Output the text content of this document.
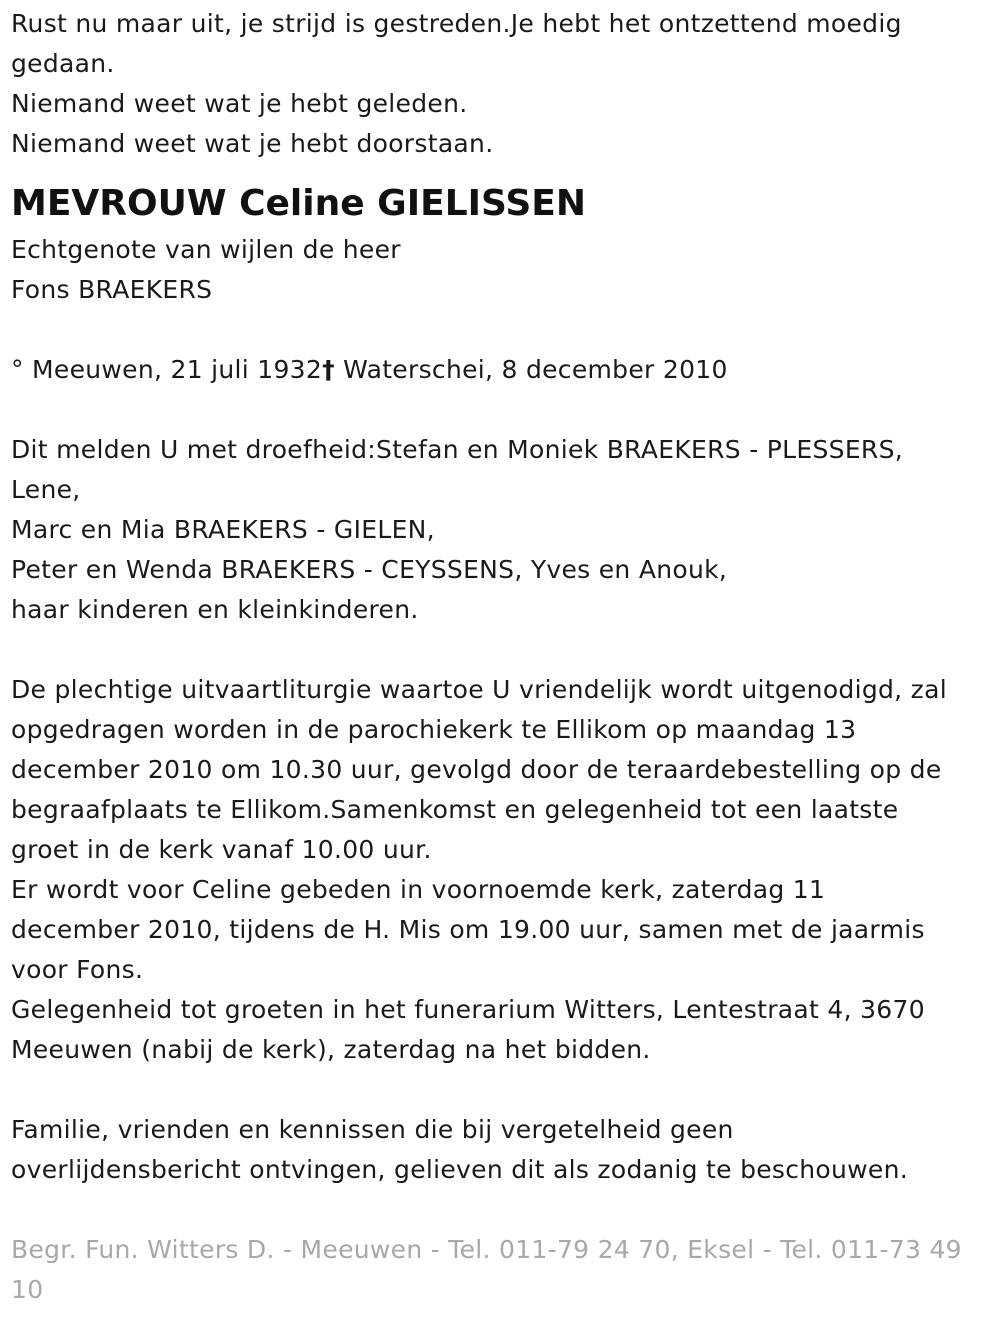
Rust nu maar uit, je strijd is gestreden.Je hebt het ontzettend moedig
gedaan.
Niemand weet wat je hebt geleden.
Niemand weet wat je hebt doorstaan.
MEVROUW Celine GIELISSEN
Echtgenote van wijlen de heer
Fons BRAEKERS
° Meeuwen, 21 juli 1932† Waterschei, 8 december 2010
Dit melden U met droefheid:Stefan en Moniek BRAEKERS - PLESSERS,
Lene,
Marc en Mia BRAEKERS - GIELEN,
Peter en Wenda BRAEKERS - CEYSSENS, Yves en Anouk,
haar kinderen en kleinkinderen.
De plechtige uitvaartliturgie waartoe U vriendelijk wordt uitgenodigd, zal
opgedragen worden in de parochiekerk te Ellikom op maandag 13
december 2010 om 10.30 uur, gevolgd door de teraardebestelling op de
begraafplaats te Ellikom.Samenkomst en gelegenheid tot een laatste
groet in de kerk vanaf 10.00 uur.
Er wordt voor Celine gebeden in voornoemde kerk, zaterdag 11
december 2010, tijdens de H. Mis om 19.00 uur, samen met de jaarmis
voor Fons.
Gelegenheid tot groeten in het funerarium Witters, Lentestraat 4, 3670
Meeuwen (nabij de kerk), zaterdag na het bidden.
Familie, vrienden en kennissen die bij vergetelheid geen
overlijdensbericht ontvingen, gelieven dit als zodanig te beschouwen.
Begr. Fun. Witters D. - Meeuwen - Tel. 011-79 24 70, Eksel - Tel. 011-73 49
10
